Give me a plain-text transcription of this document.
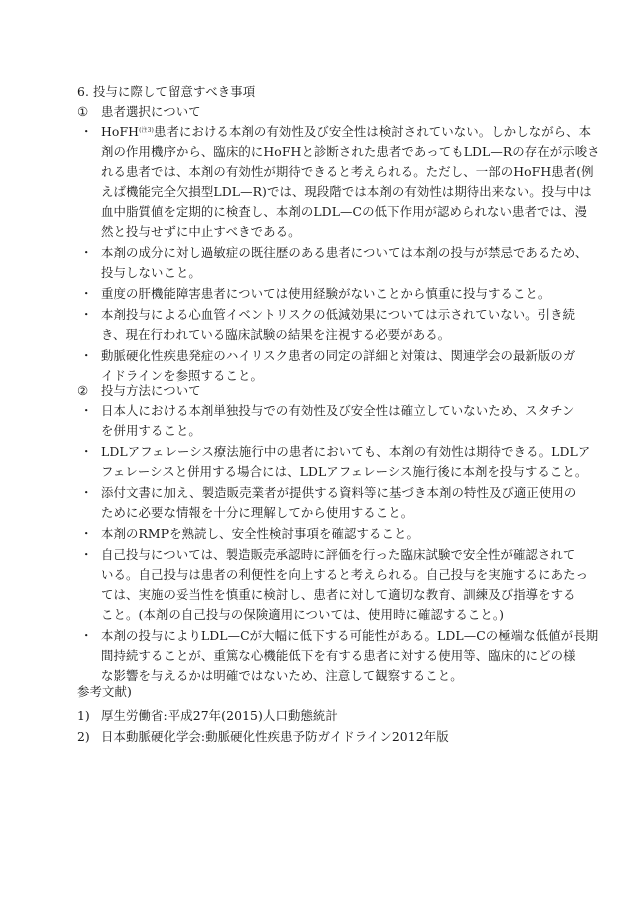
6. 投与に際して留意すべき事項
① 患者選択について
・ HoFH$^{(注3)}$患者における本剤の有効性及び安全性は検討されていない。しかしながら、本
剤の作用機序から、臨床的にHoFHと診断された患者であってもLDL—Rの存在が示唆さ
れる患者では、本剤の有効性が期待できると考えられる。ただし、一部のHoFH患者(例
えば機能完全欠損型LDL—R)では、現段階では本剤の有効性は期待出来ない。投与中は
血中脂質値を定期的に検査し、本剤のLDL—Cの低下作用が認められない患者では、漫
然と投与せずに中止すべきである。
・ 本剤の成分に対し過敏症の既往歴のある患者については本剤の投与が禁忌であるため、
投与しないこと。
・ 重度の肝機能障害患者については使用経験がないことから慎重に投与すること。
・ 本剤投与による心血管イベントリスクの低減効果については示されていない。引き続
き、現在行われている臨床試験の結果を注視する必要がある。
・ 動脈硬化性疾患発症のハイリスク患者の同定の詳細と対策は、関連学会の最新版のガ
イドラインを参照すること。
② 投与方法について
・ 日本人における本剤単独投与での有効性及び安全性は確立していないため、スタチン
を併用すること。
・ LDLアフェレーシス療法施行中の患者においても、本剤の有効性は期待できる。LDLア
フェレーシスと併用する場合には、LDLアフェレーシス施行後に本剤を投与すること。
・ 添付文書に加え、製造販売業者が提供する資料等に基づき本剤の特性及び適正使用の
ために必要な情報を十分に理解してから使用すること。
・ 本剤のRMPを熟読し、安全性検討事項を確認すること。
・ 自己投与については、製造販売承認時に評価を行った臨床試験で安全性が確認されて
いる。自己投与は患者の利便性を向上すると考えられる。自己投与を実施するにあたっ
ては、実施の妥当性を慎重に検討し、患者に対して適切な教育、訓練及び指導をする
こと。(本剤の自己投与の保険適用については、使用時に確認すること。)
・ 本剤の投与によりLDL—Cが大幅に低下する可能性がある。LDL—Cの極端な低値が長期
間持続することが、重篤な心機能低下を有する患者に対する使用等、臨床的にどの様
な影響を与えるかは明確ではないため、注意して観察すること。
参考文献)
1) 厚生労働省:平成27年(2015)人口動態統計
2) 日本動脈硬化学会:動脈硬化性疾患予防ガイドライン2012年版
